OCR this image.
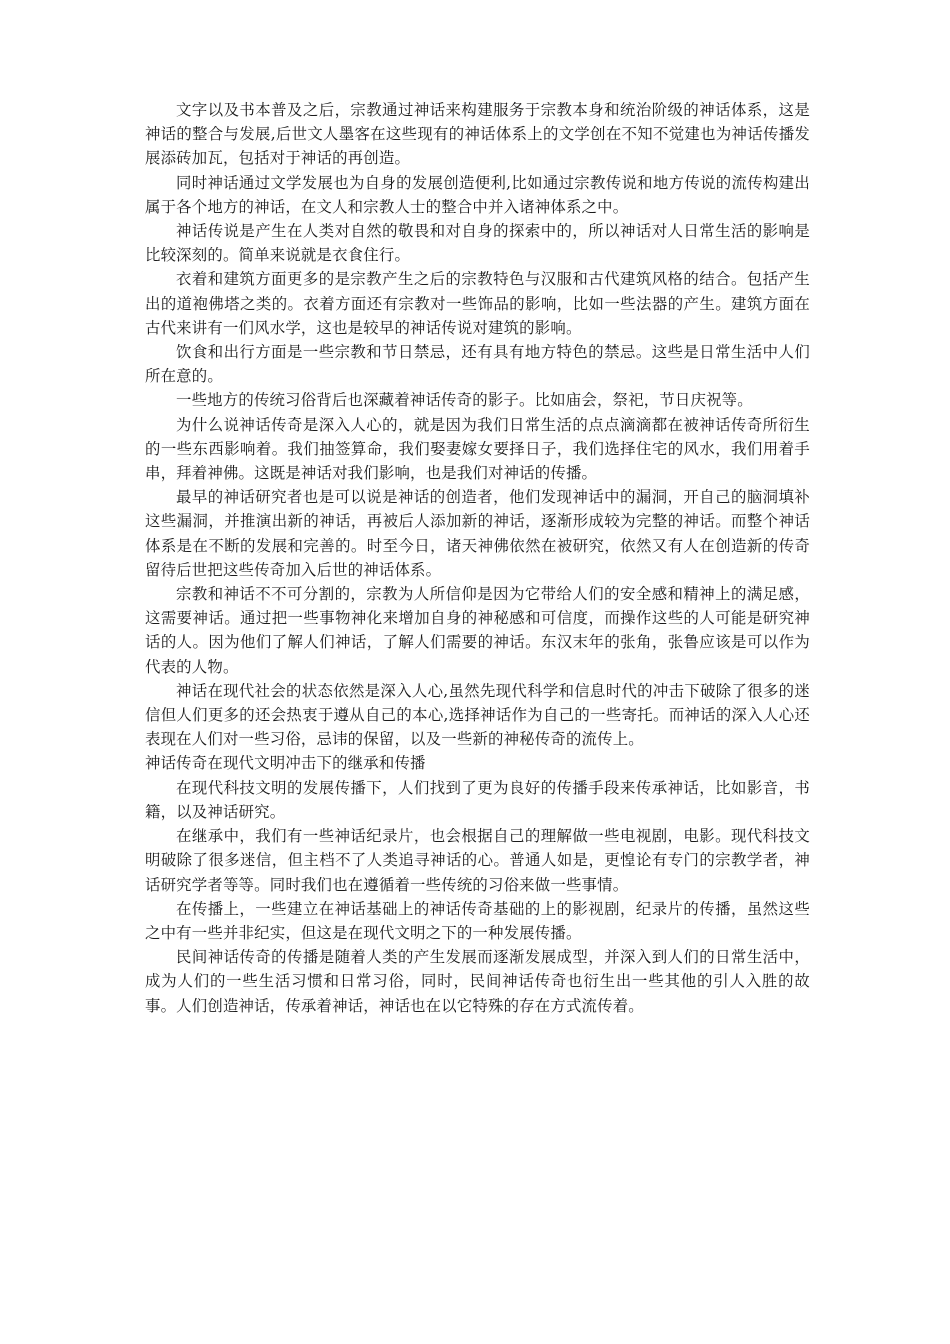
文字以及书本普及之后，宗教通过神话来构建服务于宗教本身和统治阶级的神话体系，这是神话的整合与发展,后世文人墨客在这些现有的神话体系上的文学创在不知不觉建也为神话传播发展添砖加瓦，包括对于神话的再创造。

同时神话通过文学发展也为自身的发展创造便利,比如通过宗教传说和地方传说的流传构建出属于各个地方的神话，在文人和宗教人士的整合中并入诸神体系之中。

神话传说是产生在人类对自然的敬畏和对自身的探索中的，所以神话对人日常生活的影响是比较深刻的。简单来说就是衣食住行。

衣着和建筑方面更多的是宗教产生之后的宗教特色与汉服和古代建筑风格的结合。包括产生出的道袍佛塔之类的。衣着方面还有宗教对一些饰品的影响，比如一些法器的产生。建筑方面在古代来讲有一们风水学，这也是较早的神话传说对建筑的影响。

饮食和出行方面是一些宗教和节日禁忌，还有具有地方特色的禁忌。这些是日常生活中人们所在意的。

一些地方的传统习俗背后也深藏着神话传奇的影子。比如庙会，祭祀，节日庆祝等。

为什么说神话传奇是深入人心的，就是因为我们日常生活的点点滴滴都在被神话传奇所衍生的一些东西影响着。我们抽签算命，我们娶妻嫁女要择日子，我们选择住宅的风水，我们用着手串，拜着神佛。这既是神话对我们影响，也是我们对神话的传播。

最早的神话研究者也是可以说是神话的创造者，他们发现神话中的漏洞，开自己的脑洞填补这些漏洞，并推演出新的神话，再被后人添加新的神话，逐渐形成较为完整的神话。而整个神话体系是在不断的发展和完善的。时至今日，诸天神佛依然在被研究，依然又有人在创造新的传奇留待后世把这些传奇加入后世的神话体系。

宗教和神话不不可分割的，宗教为人所信仰是因为它带给人们的安全感和精神上的满足感，这需要神话。通过把一些事物神化来增加自身的神秘感和可信度，而操作这些的人可能是研究神话的人。因为他们了解人们神话，了解人们需要的神话。东汉末年的张角，张鲁应该是可以作为代表的人物。

神话在现代社会的状态依然是深入人心,虽然先现代科学和信息时代的冲击下破除了很多的迷信但人们更多的还会热衷于遵从自己的本心,选择神话作为自己的一些寄托。而神话的深入人心还表现在人们对一些习俗，忌讳的保留，以及一些新的神秘传奇的流传上。

神话传奇在现代文明冲击下的继承和传播

在现代科技文明的发展传播下，人们找到了更为良好的传播手段来传承神话，比如影音，书籍，以及神话研究。

在继承中，我们有一些神话纪录片，也会根据自己的理解做一些电视剧，电影。现代科技文明破除了很多迷信，但主档不了人类追寻神话的心。普通人如是，更惶论有专门的宗教学者，神话研究学者等等。同时我们也在遵循着一些传统的习俗来做一些事情。

在传播上，一些建立在神话基础上的神话传奇基础的上的影视剧，纪录片的传播，虽然这些之中有一些并非纪实，但这是在现代文明之下的一种发展传播。

民间神话传奇的传播是随着人类的产生发展而逐渐发展成型，并深入到人们的日常生活中，成为人们的一些生活习惯和日常习俗，同时，民间神话传奇也衍生出一些其他的引人入胜的故事。人们创造神话，传承着神话，神话也在以它特殊的存在方式流传着。
